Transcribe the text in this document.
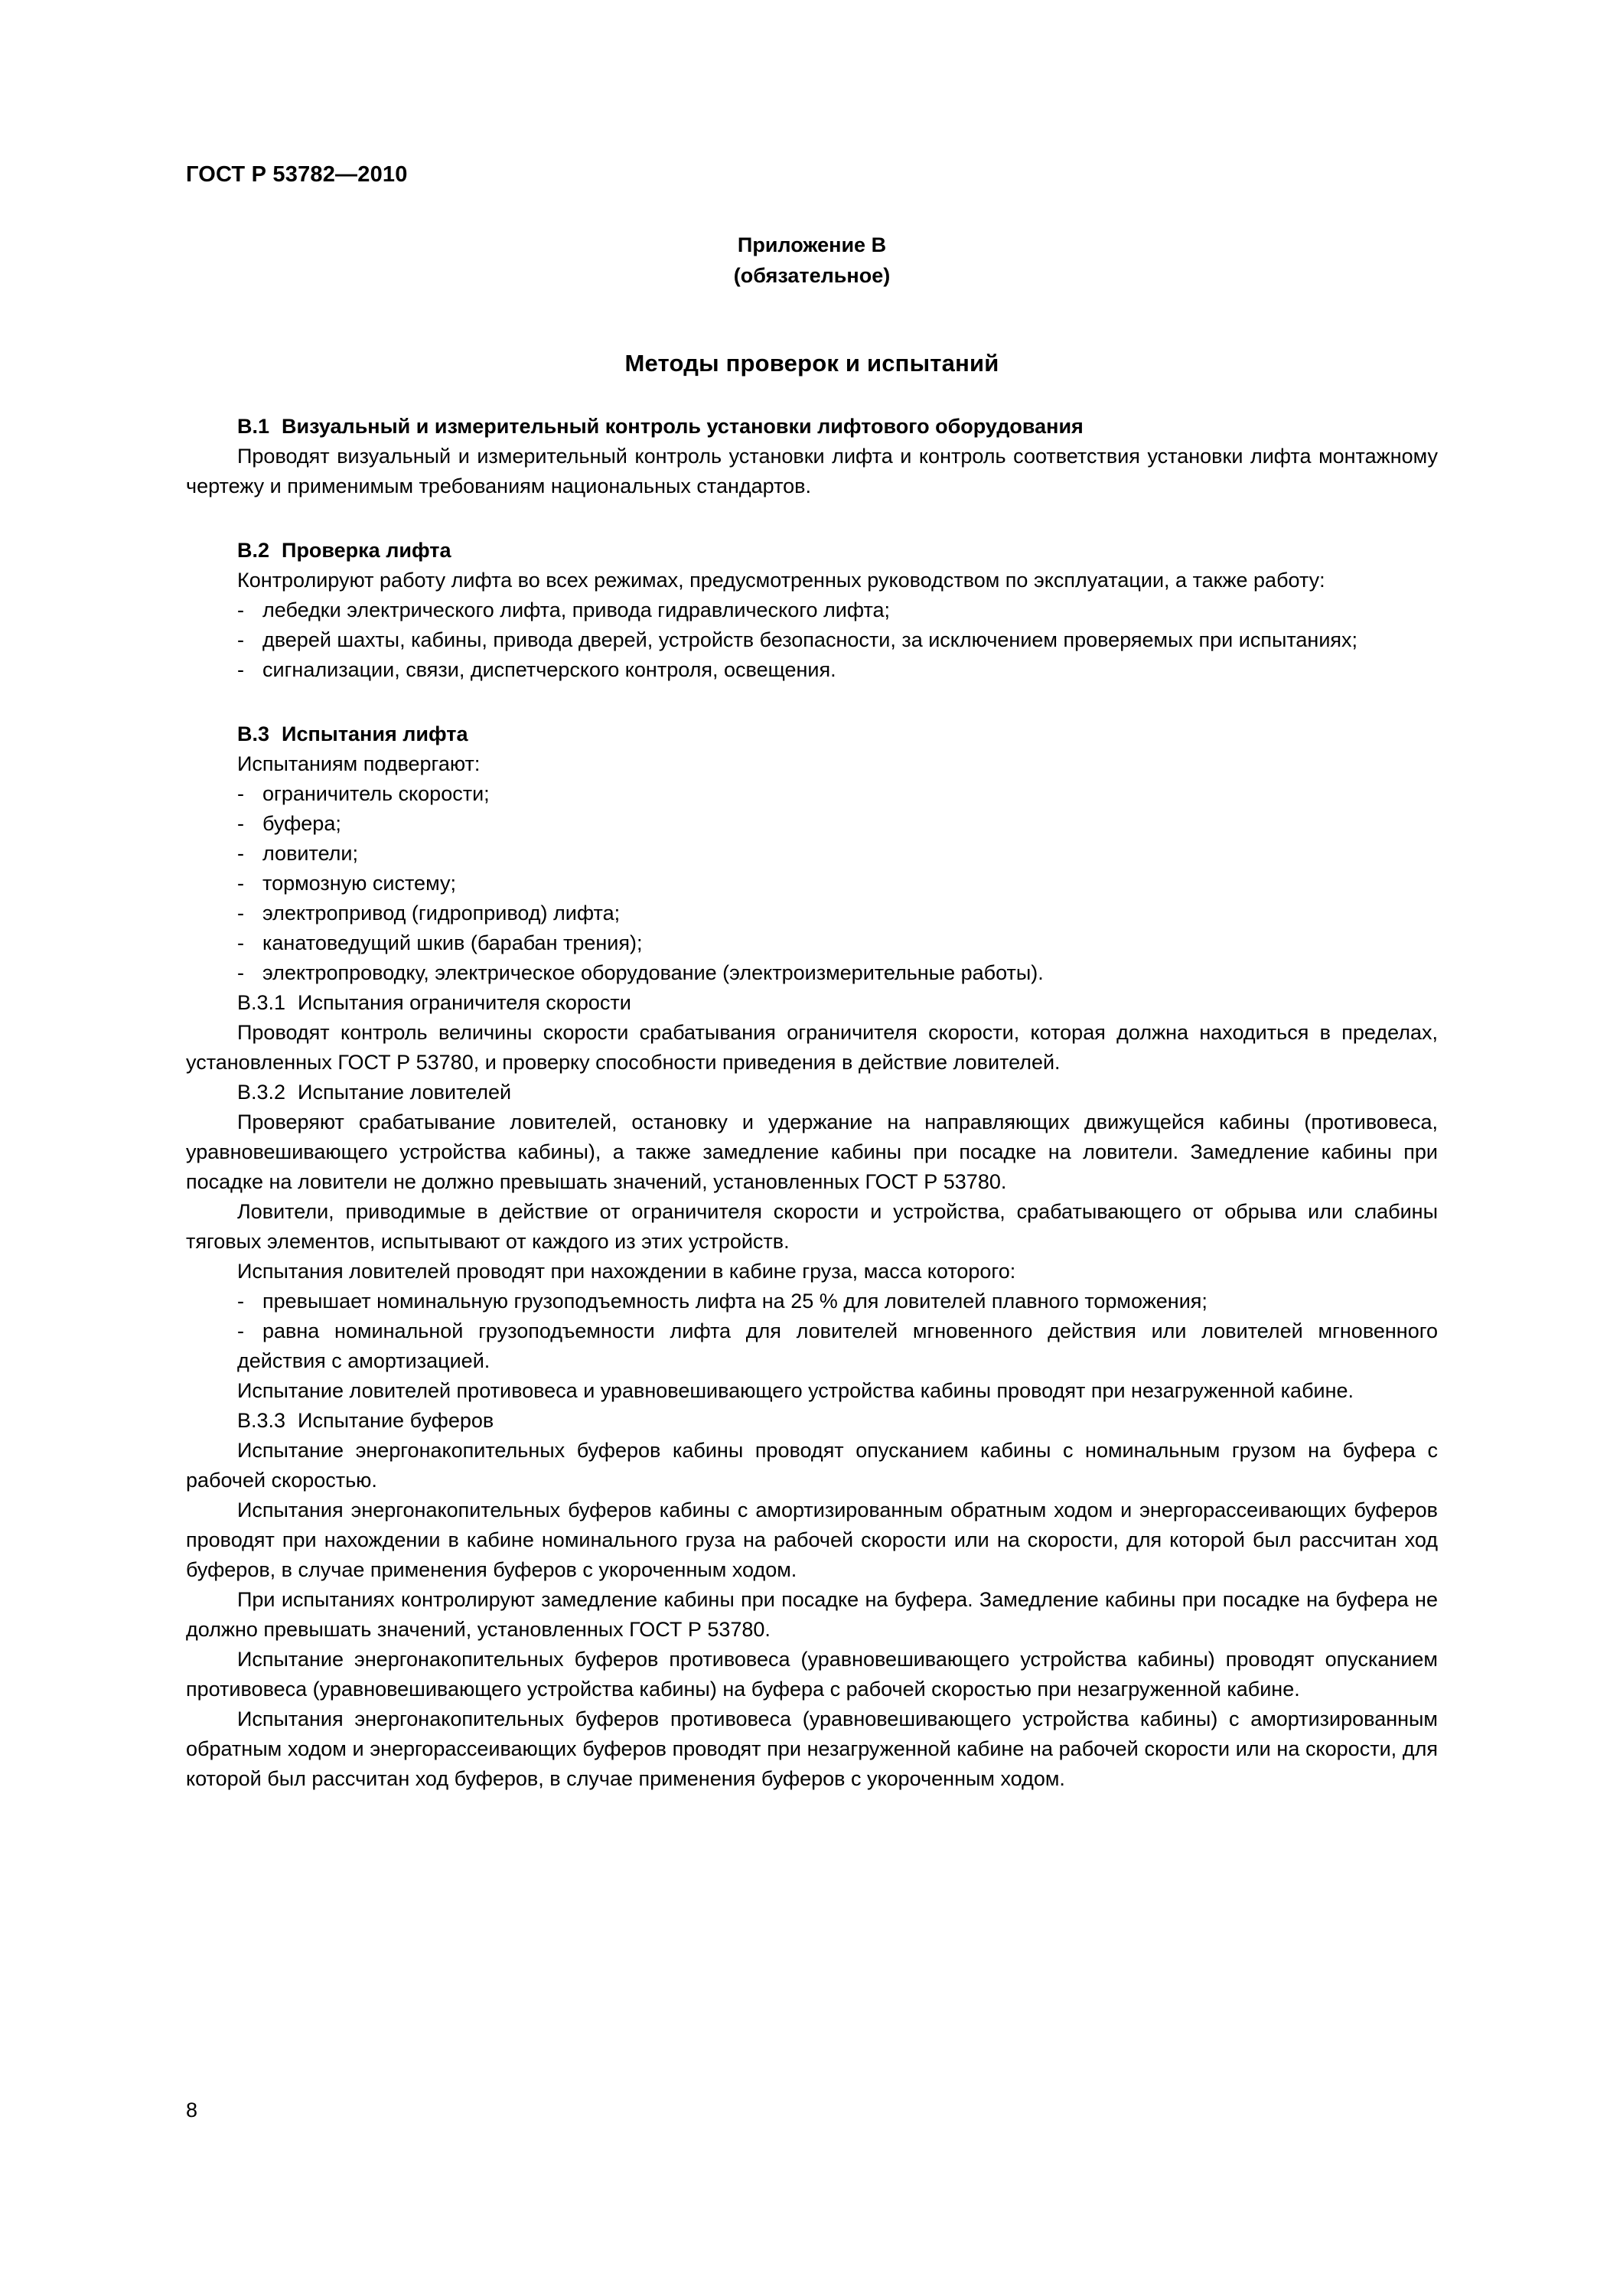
ГОСТ Р 53782—2010
Приложение В
(обязательное)
Методы проверок и испытаний
В.1 Визуальный и измерительный контроль установки лифтового оборудования

Проводят визуальный и измерительный контроль установки лифта и контроль соответствия установки лифта монтажному чертежу и применимым требованиям национальных стандартов.

В.2 Проверка лифта

Контролируют работу лифта во всех режимах, предусмотренных руководством по эксплуатации, а также работу:

- лебедки электрического лифта, привода гидравлического лифта;
- дверей шахты, кабины, привода дверей, устройств безопасности, за исключением проверяемых при испытаниях;
- сигнализации, связи, диспетчерского контроля, освещения.
В.3 Испытания лифта

Испытаниям подвергают:

- ограничитель скорости;
- буфера;
- ловители;
- тормозную систему;
- электропривод (гидропривод) лифта;
- канатоведущий шкив (барабан трения);
- электропроводку, электрическое оборудование (электроизмерительные работы).
В.3.1 Испытания ограничителя скорости

Проводят контроль величины скорости срабатывания ограничителя скорости, которая должна находиться в пределах, установленных ГОСТ Р 53780, и проверку способности приведения в действие ловителей.

В.3.2 Испытание ловителей

Проверяют срабатывание ловителей, остановку и удержание на направляющих движущейся кабины (противовеса, уравновешивающего устройства кабины), а также замедление кабины при посадке на ловители. Замедление кабины при посадке на ловители не должно превышать значений, установленных ГОСТ Р 53780.

Ловители, приводимые в действие от ограничителя скорости и устройства, срабатывающего от обрыва или слабины тяговых элементов, испытывают от каждого из этих устройств.

Испытания ловителей проводят при нахождении в кабине груза, масса которого:

- превышает номинальную грузоподъемность лифта на 25 % для ловителей плавного торможения;
- равна номинальной грузоподъемности лифта для ловителей мгновенного действия или ловителей мгновенного действия с амортизацией.

Испытание ловителей противовеса и уравновешивающего устройства кабины проводят при незагруженной кабине.

В.3.3 Испытание буферов

Испытание энергонакопительных буферов кабины проводят опусканием кабины с номинальным грузом на буфера с рабочей скоростью.

Испытания энергонакопительных буферов кабины с амортизированным обратным ходом и энергорассеивающих буферов проводят при нахождении в кабине номинального груза на рабочей скорости или на скорости, для которой был рассчитан ход буферов, в случае применения буферов с укороченным ходом.

При испытаниях контролируют замедление кабины при посадке на буфера. Замедление кабины при посадке на буфера не должно превышать значений, установленных ГОСТ Р 53780.

Испытание энергонакопительных буферов противовеса (уравновешивающего устройства кабины) проводят опусканием противовеса (уравновешивающего устройства кабины) на буфера с рабочей скоростью при незагруженной кабине.

Испытания энергонакопительных буферов противовеса (уравновешивающего устройства кабины) с амортизированным обратным ходом и энергорассеивающих буферов проводят при незагруженной кабине на рабочей скорости или на скорости, для которой был рассчитан ход буферов, в случае применения буферов с укороченным ходом.

8
